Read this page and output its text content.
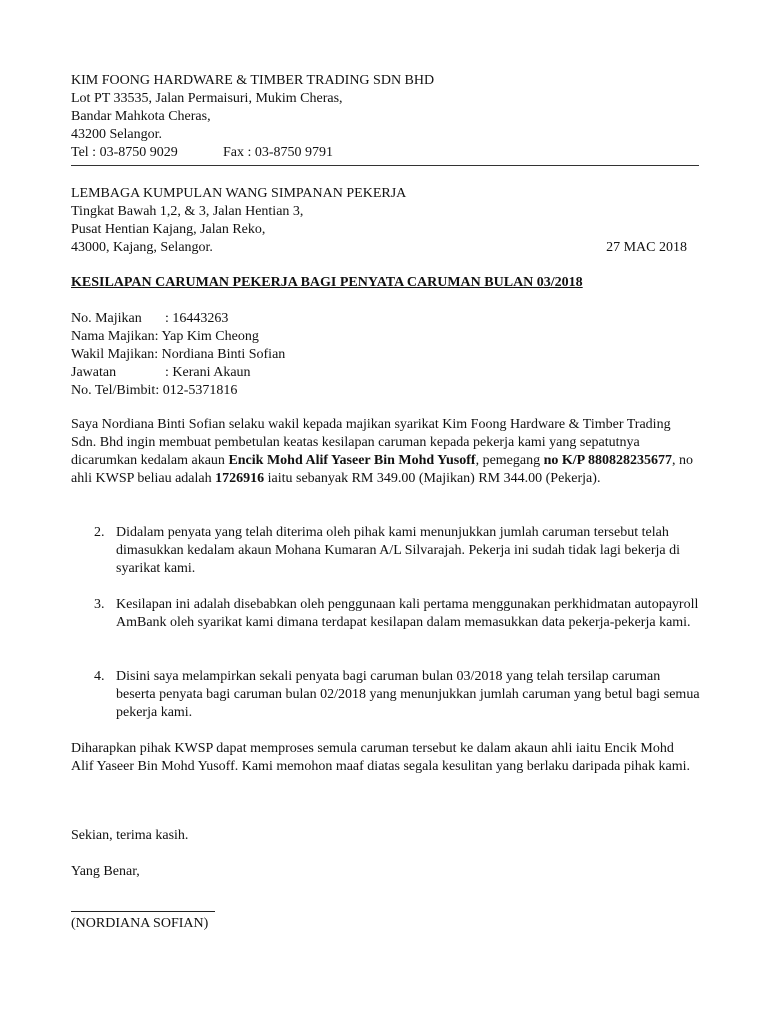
KIM FOONG HARDWARE & TIMBER TRADING SDN BHD
Lot PT 33535, Jalan Permaisuri, Mukim Cheras,
Bandar Mahkota Cheras,
43200 Selangor.
Tel : 03-8750 9029	Fax : 03-8750 9791
LEMBAGA KUMPULAN WANG SIMPANAN PEKERJA
Tingkat Bawah 1,2, & 3, Jalan Hentian 3,
Pusat Hentian Kajang, Jalan Reko,
43000, Kajang, Selangor.	27 MAC 2018
KESILAPAN CARUMAN PEKERJA BAGI PENYATA CARUMAN BULAN 03/2018
No. Majikan	: 16443263
Nama Majikan : Yap Kim Cheong
Wakil Majikan : Nordiana Binti Sofian
Jawatan	: Kerani Akaun
No. Tel/Bimbit : 012-5371816
Saya Nordiana Binti Sofian selaku wakil kepada majikan syarikat Kim Foong Hardware & Timber Trading Sdn. Bhd ingin membuat pembetulan keatas kesilapan caruman kepada pekerja kami yang sepatutnya dicarumkan kedalam akaun Encik Mohd Alif Yaseer Bin Mohd Yusoff, pemegang no K/P 880828235677, no ahli KWSP beliau adalah 1726916 iaitu sebanyak RM 349.00 (Majikan) RM 344.00 (Pekerja).
2. Didalam penyata yang telah diterima oleh pihak kami menunjukkan jumlah caruman tersebut telah dimasukkan kedalam akaun Mohana Kumaran A/L Silvarajah. Pekerja ini sudah tidak lagi bekerja di syarikat kami.
3. Kesilapan ini adalah disebabkan oleh penggunaan kali pertama menggunakan perkhidmatan autopayroll AmBank oleh syarikat kami dimana terdapat kesilapan dalam memasukkan data pekerja-pekerja kami.
4. Disini saya melampirkan sekali penyata bagi caruman bulan 03/2018 yang telah tersilap caruman beserta penyata bagi caruman bulan 02/2018 yang menunjukkan jumlah caruman yang betul bagi semua pekerja kami.
Diharapkan pihak KWSP dapat memproses semula caruman tersebut ke dalam akaun ahli iaitu Encik Mohd Alif Yaseer Bin Mohd Yusoff. Kami memohon maaf diatas segala kesulitan yang berlaku daripada pihak kami.
Sekian, terima kasih.
Yang Benar,
(NORDIANA SOFIAN)
